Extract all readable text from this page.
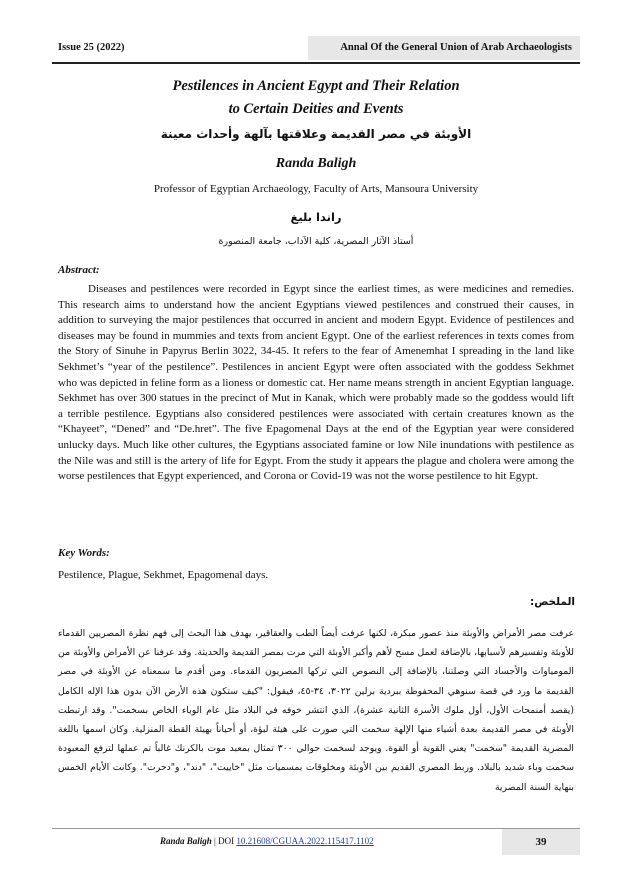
Issue 25 (2022)	Annal Of the General Union of Arab Archaeologists
Pestilences in Ancient Egypt and Their Relation
to Certain Deities and Events
الأوبئة في مصر القديمة وعلاقتها بآلهة وأحداث معينة
Randa Baligh
Professor of Egyptian Archaeology, Faculty of Arts, Mansoura University
راندا بليغ
أستاذ الآثار المصرية، كلية الآداب، جامعة المنصورة
Abstract:

Diseases and pestilences were recorded in Egypt since the earliest times, as were medicines and remedies. This research aims to understand how the ancient Egyptians viewed pestilences and construed their causes, in addition to surveying the major pestilences that occurred in ancient and modern Egypt. Evidence of pestilences and diseases may be found in mummies and texts from ancient Egypt. One of the earliest references in texts comes from the Story of Sinuhe in Papyrus Berlin 3022, 34-45. It refers to the fear of Amenemhat I spreading in the land like Sekhmet’s “year of the pestilence”. Pestilences in ancient Egypt were often associated with the goddess Sekhmet who was depicted in feline form as a lioness or domestic cat. Her name means strength in ancient Egyptian language. Sekhmet has over 300 statues in the precinct of Mut in Kanak, which were probably made so the goddess would lift a terrible pestilence. Egyptians also considered pestilences were associated with certain creatures known as the “Khayeet”, “Dened” and “De.hret”. The five Epagomenal Days at the end of the Egyptian year were considered unlucky days. Much like other cultures, the Egyptians associated famine or low Nile inundations with pestilence as the Nile was and still is the artery of life for Egypt. From the study it appears the plague and cholera were among the worse pestilences that Egypt experienced, and Corona or Covid-19 was not the worse pestilence to hit Egypt.

Key Words:
Pestilence, Plague, Sekhmet, Epagomenal days.
الملخص:

عرفت مصر الأمراض والأوبئة منذ عصور مبكرة، لكنها عرفت أيضاً الطب والعقاقير، يهدف هذا البحث إلى فهم نظرة المصريين القدماء للأوبئة وتفسيرهم لأسبابها، بالإضافة لعمل مسح لأهم وأكبر الأوبئة التي مرت بمصر القديمة والحديثة. وقد عرفنا عن الأمراض والأوبئة من المومياوات والأجساد التي وصلتنا، بالإضافة إلى النصوص التي تركها المصريون القدماء. ومن أقدم ما سمعناه عن الأوبئة في مصر القديمة ما ورد في قصة سنوهي المحفوظة ببردية برلين ٣٠٢٢، ٣٤-٤٥، فيقول: "كيف ستكون هذه الأرض الآن بدون هذا الإله الكامل (يقصد أمنمحات الأول، أول ملوك الأسرة الثانية عشرة)، الذي انتشر خوفه في البلاد مثل عام الوباء الخاص بسخمت". وقد ارتبطت الأوبئة في مصر القديمة بعدة أشياء منها الإلهة سخمت التي صورت على هيئة لبؤة، أو أحياناً بهيئة القطة المنزلية. وكان اسمها باللغة المصرية القديمة "سخمت" يعني القوية أو القوة. ويوجد لسخمت حوالي ٣٠٠ تمثال بمعبد موت بالكرنك غالباً تم عملها لترفع المعبودة سخمت وباء شديد بالبلاد. وربط المصري القديم بين الأوبئة ومخلوقات بمسميات مثل "خاييت"، "دند"، و"دحرت". وكانت الأيام الخمس بنهاية السنة المصرية

Randa Baligh | DOI 10.21608/CGUAA.2022.115417.1102	39
